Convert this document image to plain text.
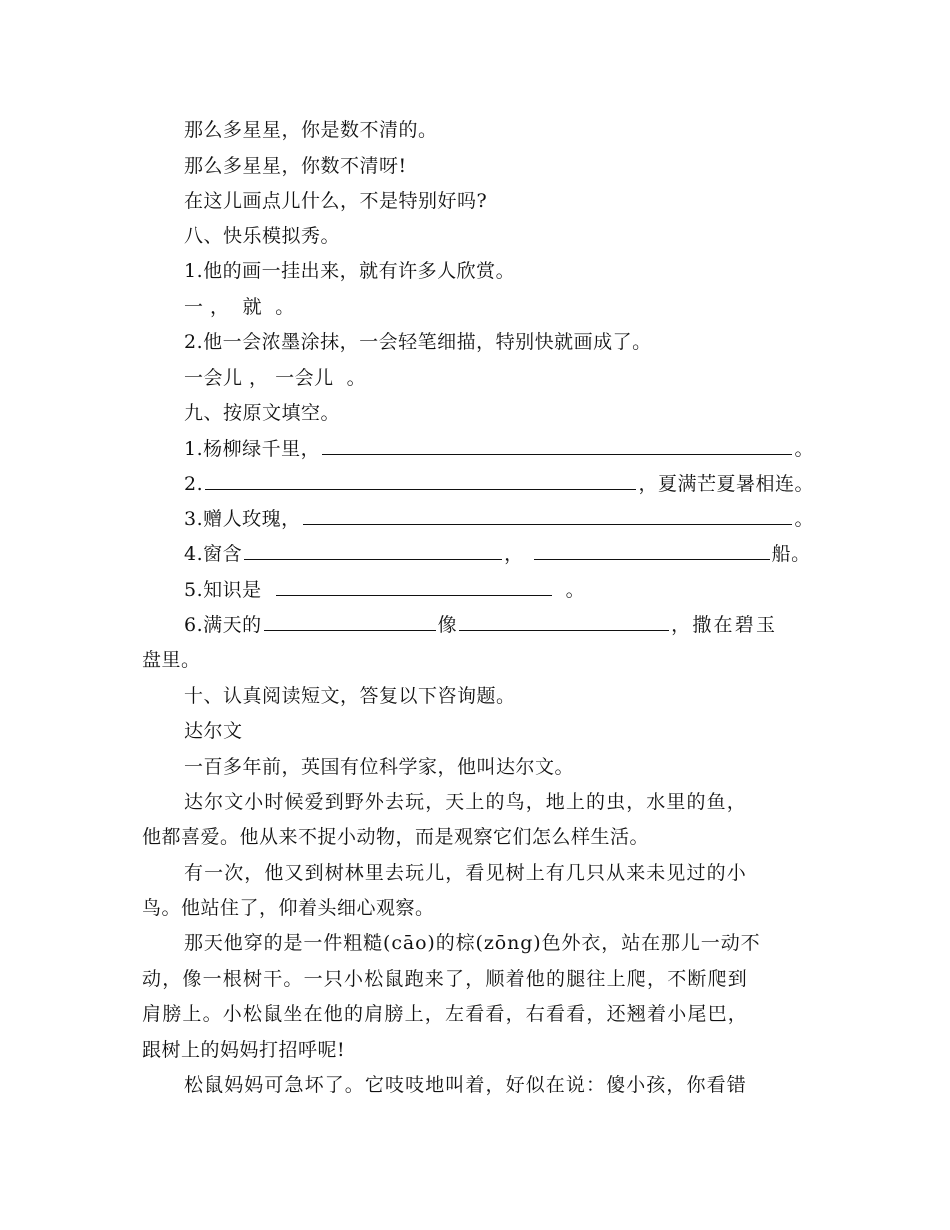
那么多星星，你是数不清的。
那么多星星，你数不清呀!
在这儿画点儿什么，不是特别好吗?
八、快乐模拟秀。
1.他的画一挂出来，就有许多人欣赏。
一 ，  就  。
2.他一会浓墨涂抹，一会轻笔细描，特别快就画成了。
一会儿 ， 一会儿  。
九、按原文填空。
1.杨柳绿千里，	。
2.	，夏满芒夏暑相连。
3.赠人玫瑰，	。
4.窗含	，	船。
5.知识是	。
6.满天的	像	，撒在碧玉
盘里。
十、认真阅读短文，答复以下咨询题。
达尔文
一百多年前，英国有位科学家，他叫达尔文。
达尔文小时候爱到野外去玩，天上的鸟，地上的虫，水里的鱼，
他都喜爱。他从来不捉小动物，而是观察它们怎么样生活。
有一次，他又到树林里去玩儿，看见树上有几只从来未见过的小
鸟。他站住了，仰着头细心观察。
那天他穿的是一件粗糙(cāo)的棕(zōng)色外衣，站在那儿一动不
动，像一根树干。一只小松鼠跑来了，顺着他的腿往上爬，不断爬到
肩膀上。小松鼠坐在他的肩膀上，左看看，右看看，还翘着小尾巴，
跟树上的妈妈打招呼呢!
松鼠妈妈可急坏了。它吱吱地叫着，好似在说：傻小孩，你看错
